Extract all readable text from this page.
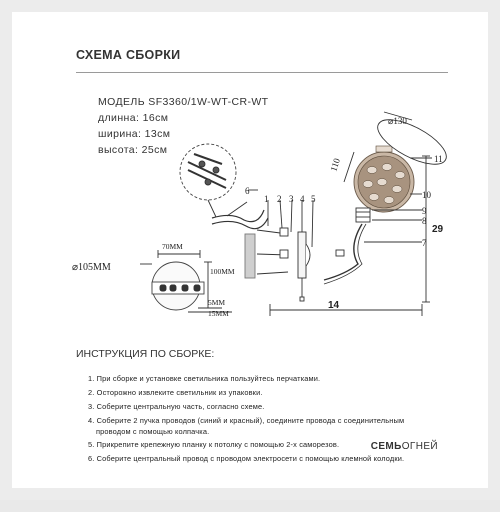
СХЕМА СБОРКИ
МОДЕЛЬ SF3360/1W-WT-CR-WT
длинна: 16см
ширина: 13см
высота: 25см
⌀130
110
⌀105MM
70MM
100MM
5MM
15MM
14
29
6
1 2 3 4 5
7
8
9
10
11
ИНСТРУКЦИЯ ПО СБОРКЕ:
1. При сборке и установке светильника пользуйтесь перчатками.
2. Осторожно извлеките светильник из упаковки.
3. Соберите центральную часть, согласно схеме.
4. Соберите 2 пучка проводов (синий и красный), соедините провода с соединительным
проводом с помощью колпачка.
5. Прикрепите крепежную планку к потолку с помощью 2-х саморезов.
6. Соберите центральный провод с проводом электросети с помощью клемной колодки.
СЕМЬОГНЕЙ
